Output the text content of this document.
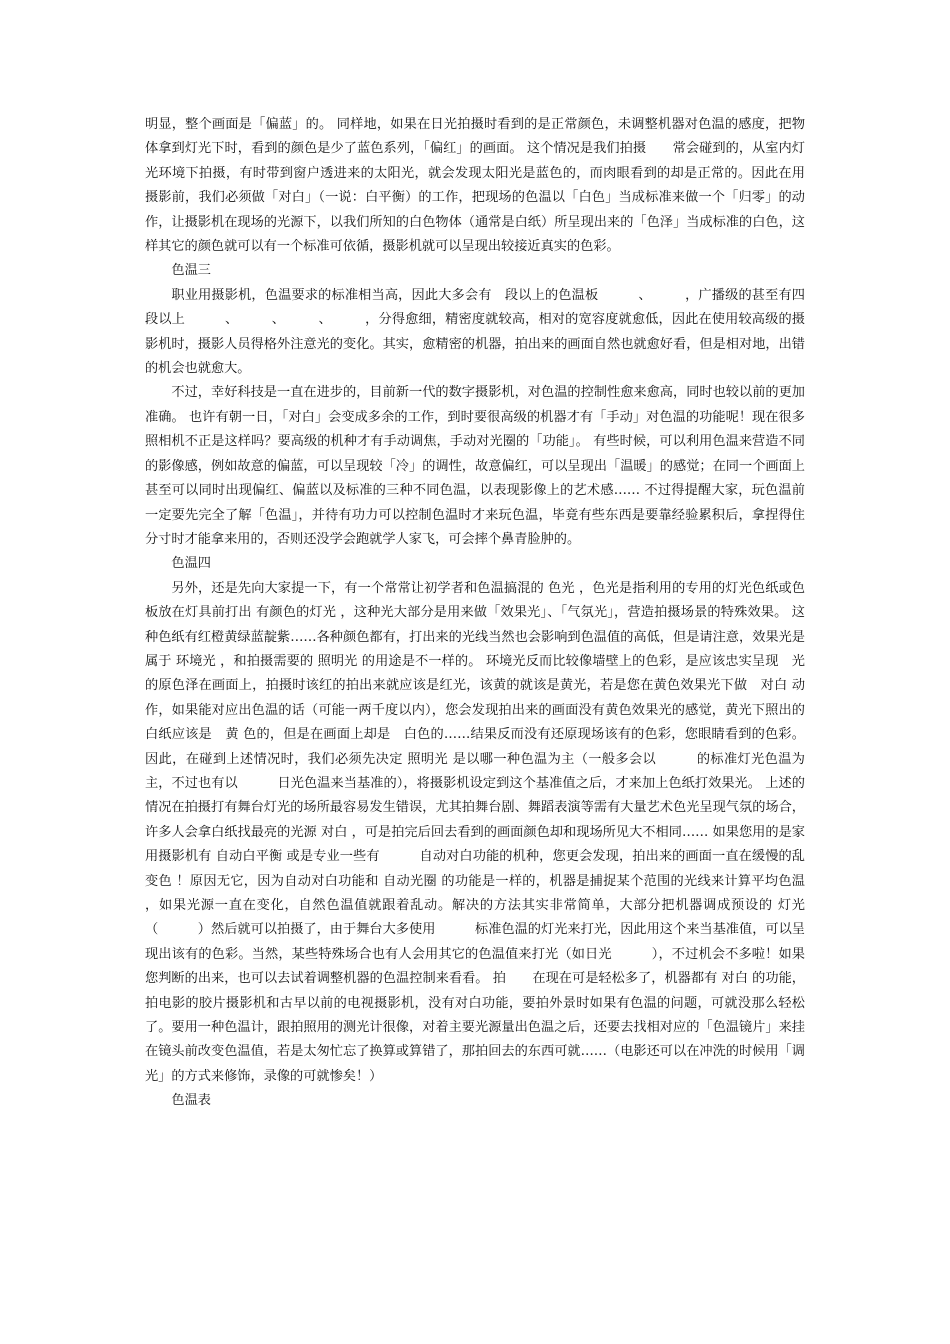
明显，整个画面是「偏蓝」的。 同样地，如果在日光拍摄时看到的是正常颜色，未调整机器对色温的感度，把物体拿到灯光下时，看到的颜色是少了蓝色系列，「偏红」的画面。 这个情况是我们拍摄　　常会碰到的，从室内灯光环境下拍摄，有时带到窗户透进来的太阳光，就会发现太阳光是蓝色的，而肉眼看到的却是正常的。因此在用　　摄影前，我们必须做「对白」（一说：白平衡）的工作，把现场的色温以「白色」当成标准来做一个「归零」的动作，让摄影机在现场的光源下，以我们所知的白色物体（通常是白纸）所呈现出来的「色泽」当成标准的白色，这样其它的颜色就可以有一个标准可依循，摄影机就可以呈现出较接近真实的色彩。

色温三

职业用摄影机，色温要求的标准相当高，因此大多会有　段以上的色温板　　　、　　　，广播级的甚至有四段以上　　　、　　　、　　　、　　　，分得愈细，精密度就较高，相对的宽容度就愈低，因此在使用较高级的摄影机时，摄影人员得格外注意光的变化。其实，愈精密的机器，拍出来的画面自然也就愈好看，但是相对地，出错的机会也就愈大。

不过，幸好科技是一直在进步的，目前新一代的数字摄影机，对色温的控制性愈来愈高，同时也较以前的更加准确。 也许有朝一日，「对白」会变成多余的工作，到时要很高级的机器才有「手动」对色温的功能呢！现在很多照相机不正是这样吗？要高级的机种才有手动调焦，手动对光圈的「功能」。 有些时候，可以利用色温来营造不同的影像感，例如故意的偏蓝，可以呈现较「冷」的调性，故意偏红，可以呈现出「温暖」的感觉；在同一个画面上甚至可以同时出现偏红、偏蓝以及标准的三种不同色温，以表现影像上的艺术感…… 不过得提醒大家，玩色温前一定要先完全了解「色温」，并待有功力可以控制色温时才来玩色温，毕竟有些东西是要靠经验累积后，拿捏得住分寸时才能拿来用的，否则还没学会跑就学人家飞，可会摔个鼻青脸肿的。

色温四

另外，还是先向大家提一下，有一个常常让初学者和色温搞混的 色光 ，色光是指利用的专用的灯光色纸或色板放在灯具前打出 有颜色的灯光 ，这种光大部分是用来做「效果光」、「气氛光」，营造拍摄场景的特殊效果。 这种色纸有红橙黄绿蓝靛紫……各种颜色都有，打出来的光线当然也会影响到色温值的高低，但是请注意，效果光是属于 环境光 ，和拍摄需要的 照明光 的用途是不一样的。 环境光反而比较像墙壁上的色彩，是应该忠实呈现　光 的原色泽在画面上，拍摄时该红的拍出来就应该是红光，该黄的就该是黄光，若是您在黄色效果光下做　对白 动作，如果能对应出色温的话（可能一两千度以内），您会发现拍出来的画面没有黄色效果光的感觉，黄光下照出的白纸应该是　黄 色的，但是在画面上却是　白色的……结果反而没有还原现场该有的色彩，您眼睛看到的色彩。 因此，在碰到上述情况时，我们必须先决定 照明光 是以哪一种色温为主（一般多会以　　　的标准灯光色温为主，不过也有以　　　日光色温来当基准的），将摄影机设定到这个基准值之后，才来加上色纸打效果光。 上述的情况在拍摄打有舞台灯光的场所最容易发生错误，尤其拍舞台剧、舞蹈表演等需有大量艺术色光呈现气氛的场合，许多人会拿白纸找最亮的光源 对白 ，可是拍完后回去看到的画面颜色却和现场所见大不相同…… 如果您用的是家用摄影机有 自动白平衡 或是专业一些有　　　自动对白功能的机种，您更会发现，拍出来的画面一直在缓慢的乱　变色 ！原因无它，因为自动对白功能和 自动光圈 的功能是一样的，机器是捕捉某个范围的光线来计算平均色温 ，如果光源一直在变化，自然色温值就跟着乱动。解决的方法其实非常简单，大部分把机器调成预设的 灯光 （　　　）然后就可以拍摄了，由于舞台大多使用　　　标准色温的灯光来打光，因此用这个来当基准值，可以呈现出该有的色彩。当然，某些特殊场合也有人会用其它的色温值来打光（如日光　　　），不过机会不多啦！如果您判断的出来，也可以去试着调整机器的色温控制来看看。 拍　　在现在可是轻松多了，机器都有 对白 的功能，拍电影的胶片摄影机和古早以前的电视摄影机，没有对白功能，要拍外景时如果有色温的问题，可就没那么轻松了。要用一种色温计，跟拍照用的测光计很像，对着主要光源量出色温之后，还要去找相对应的「色温镜片」来挂在镜头前改变色温值，若是太匆忙忘了换算或算错了，那拍回去的东西可就……（电影还可以在冲洗的时候用「调光」的方式来修饰，录像的可就惨矣！）

色温表
